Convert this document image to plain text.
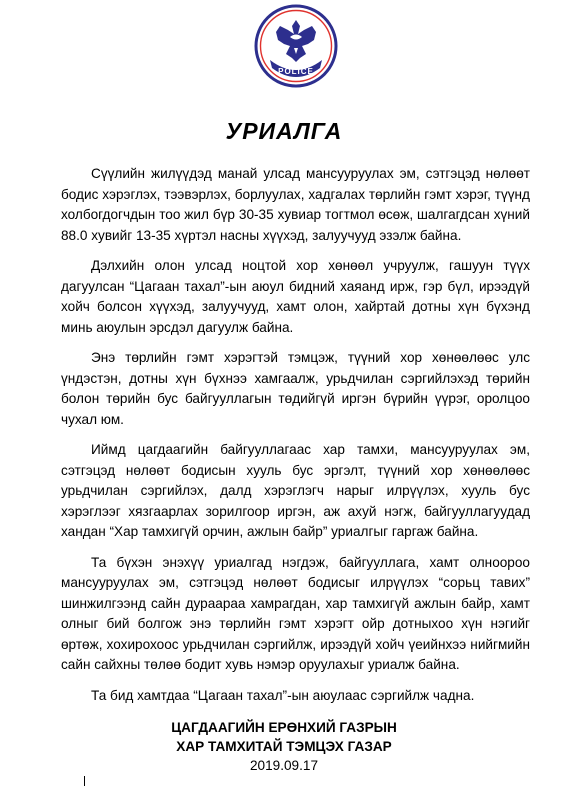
POLICE
УРИАЛГА

Сүүлийн жилүүдэд манай улсад мансууруулах эм, сэтгэцэд нөлөөт бодис хэрэглэх, тээвэрлэх, борлуулах, хадгалах төрлийн гэмт хэрэг, түүнд холбогдогчдын тоо жил бүр 30-35 хувиар тогтмол өсөж, шалгагдсан хүний 88.0 хувийг 13-35 хүртэл насны хүүхэд, залуучууд эзэлж байна.

Дэлхийн олон улсад ноцтой хор хөнөөл учруулж, гашуун түүх дагуулсан “Цагаан тахал”-ын аюул бидний хаяанд ирж, гэр бүл, ирээдүй хойч болсон хүүхэд, залуучууд, хамт олон, хайртай дотны хүн бүхэнд минь аюулын эрсдэл дагуулж байна.

Энэ төрлийн гэмт хэрэгтэй тэмцэж, түүний хор хөнөөлөөс улс үндэстэн, дотны хүн бүхнээ хамгаалж, урьдчилан сэргийлэхэд төрийн болон төрийн бус байгууллагын төдийгүй иргэн бүрийн үүрэг, оролцоо чухал юм.

Иймд цагдаагийн байгууллагаас хар тамхи, мансууруулах эм, сэтгэцэд нөлөөт бодисын хууль бус эргэлт, түүний хор хөнөөлөөс урьдчилан сэргийлэх, далд хэрэглэгч нарыг илрүүлэх, хууль бус хэрэглээг хязгаарлах зорилгоор иргэн, аж ахуй нэгж, байгууллагуудад хандан “Хар тамхигүй орчин, ажлын байр” уриалгыг гаргаж байна.

Та бүхэн энэхүү уриалгад нэгдэж, байгууллага, хамт олноороо мансууруулах эм, сэтгэцэд нөлөөт бодисыг илрүүлэх “сорьц тавих” шинжилгээнд сайн дураараа хамрагдан, хар тамхигүй ажлын байр, хамт олныг бий болгож энэ төрлийн гэмт хэрэгт ойр дотныхоо хүн нэгийг өртөж, хохирохоос урьдчилан сэргийлж, ирээдүй хойч үеийнхээ нийгмийн сайн сайхны төлөө бодит хувь нэмэр оруулахыг уриалж байна.

Та бид хамтдаа “Цагаан тахал”-ын аюулаас сэргийлж чадна.

ЦАГДААГИЙН ЕРӨНХИЙ ГАЗРЫН
ХАР ТАМХИТАЙ ТЭМЦЭХ ГАЗАР
2019.09.17
